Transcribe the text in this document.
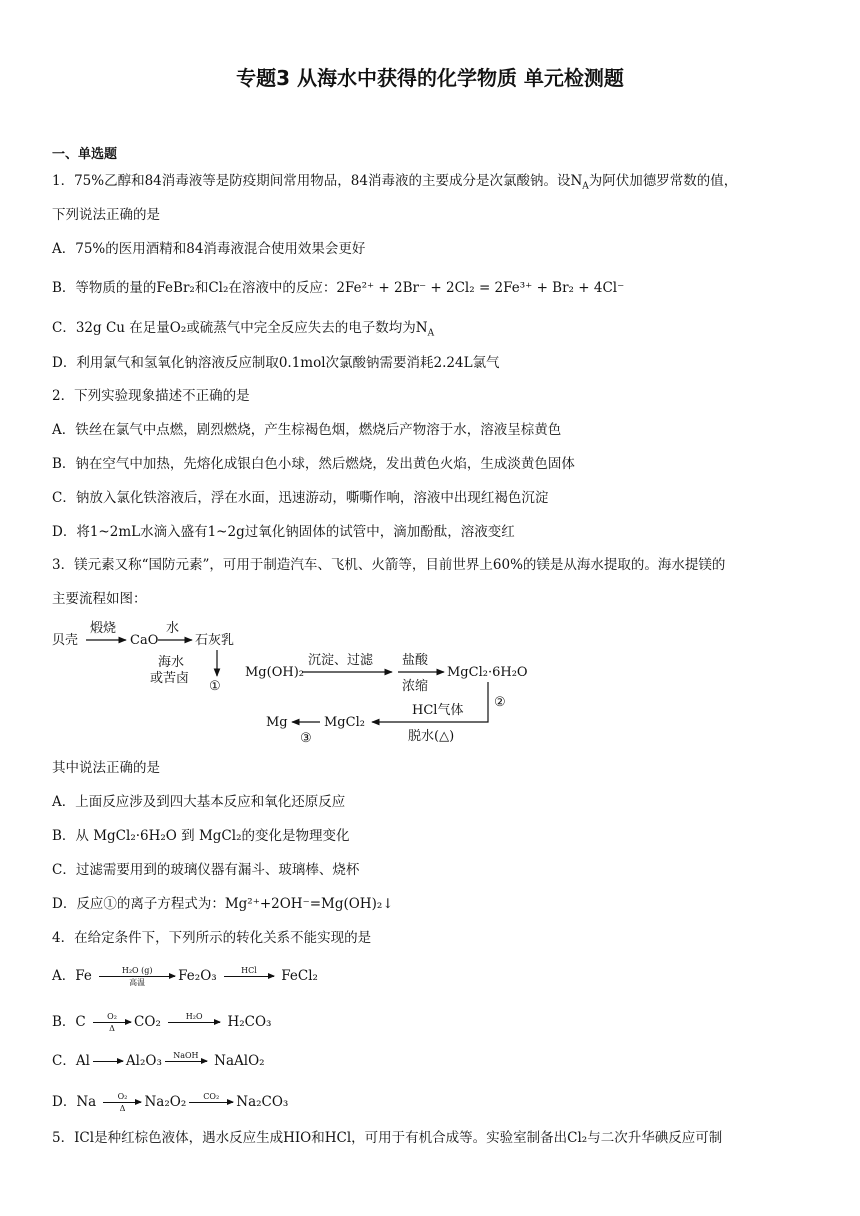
专题3 从海水中获得的化学物质 单元检测题
一、单选题
1．75%乙醇和84消毒液等是防疫期间常用物品，84消毒液的主要成分是次氯酸钠。设$N_A$为阿伏加德罗常数的值，
下列说法正确的是
A．75%的医用酒精和84消毒液混合使用效果会更好
B．等物质的量的FeBr₂和Cl₂在溶液中的反应：2Fe²⁺ + 2Br⁻ + 2Cl₂ = 2Fe³⁺ + Br₂ + 4Cl⁻
C．32g Cu 在足量O₂或硫蒸气中完全反应失去的电子数均为$N_A$
D．利用氯气和氢氧化钠溶液反应制取0.1mol次氯酸钠需要消耗2.24L氯气
2．下列实验现象描述不正确的是
A．铁丝在氯气中点燃，剧烈燃烧，产生棕褐色烟，燃烧后产物溶于水，溶液呈棕黄色
B．钠在空气中加热，先熔化成银白色小球，然后燃烧，发出黄色火焰，生成淡黄色固体
C．钠放入氯化铁溶液后，浮在水面，迅速游动，嘶嘶作响，溶液中出现红褐色沉淀
D．将1~2mL水滴入盛有1~2g过氧化钠固体的试管中，滴加酚酞，溶液变红
3．镁元素又称“国防元素”，可用于制造汽车、飞机、火箭等，目前世界上60%的镁是从海水提取的。海水提镁的
主要流程如图：
贝壳
煅烧
CaO
水
石灰乳
海水
或苦卤
①
Mg(OH)₂
沉淀、过滤 盐酸
浓缩
MgCl₂·6H₂O
②
HCl气体
脱水(△)
MgCl₂
Mg
③
其中说法正确的是
A．上面反应涉及到四大基本反应和氧化还原反应
B．从 MgCl₂·6H₂O 到 MgCl₂的变化是物理变化
C．过滤需要用到的玻璃仪器有漏斗、玻璃棒、烧杯
D．反应①的离子方程式为：Mg²⁺+2OH⁻=Mg(OH)₂↓
4．在给定条件下，下列所示的转化关系不能实现的是
A．Fe	H₂O (g)
高温	Fe₂O₃	HCl	FeCl₂
B．C $\frac{\text{O₂}}{\Delta} CO_2$	H₂O	H₂CO₃
C．Al	Al₂O₃	NaOH	NaAlO₂
D．Na $\frac{\text{O₂}}{\Delta} Na_2O_2$	CO₂	Na₂CO₃
5．ICl是种红棕色液体，遇水反应生成HIO和HCl，可用于有机合成等。实验室制备出Cl₂与二次升华碘反应可制
